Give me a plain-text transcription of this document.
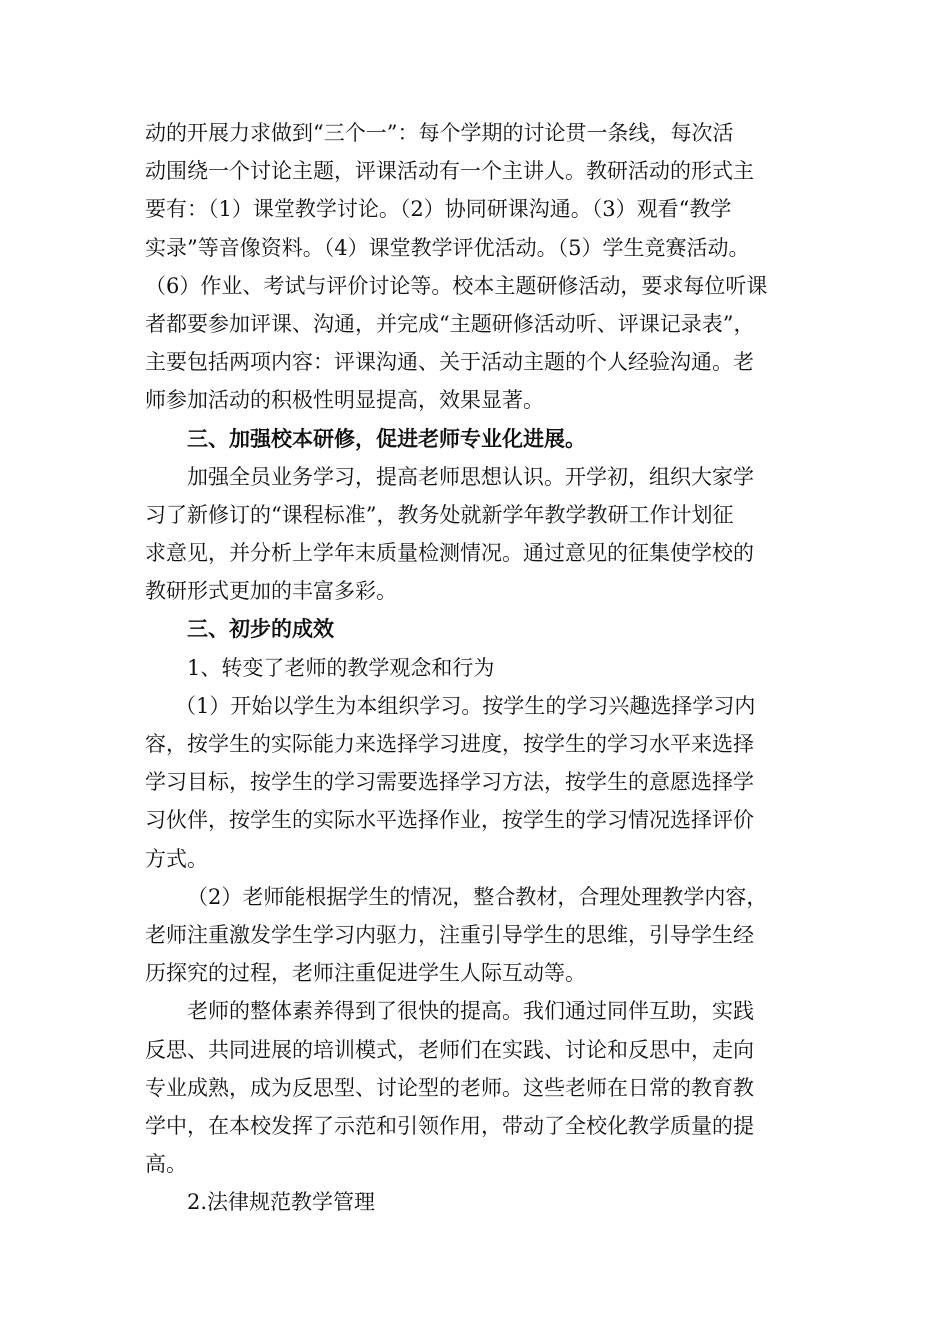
动的开展力求做到“三个一”：每个学期的讨论贯一条线，每次活
动围绕一个讨论主题，评课活动有一个主讲人。教研活动的形式主
要有：（1）课堂教学讨论。（2）协同研课沟通。（3）观看“教学
实录”等音像资料。（4）课堂教学评优活动。（5）学生竞赛活动。
（6）作业、考试与评价讨论等。校本主题研修活动，要求每位听课
者都要参加评课、沟通，并完成“主题研修活动听、评课记录表”，
主要包括两项内容：评课沟通、关于活动主题的个人经验沟通。老
师参加活动的积极性明显提高，效果显著。
三、加强校本研修，促进老师专业化进展。
加强全员业务学习，提高老师思想认识。开学初，组织大家学
习了新修订的“课程标准”，教务处就新学年教学教研工作计划征
求意见，并分析上学年末质量检测情况。通过意见的征集使学校的
教研形式更加的丰富多彩。
三、初步的成效
1、转变了老师的教学观念和行为
（1）开始以学生为本组织学习。按学生的学习兴趣选择学习内
容，按学生的实际能力来选择学习进度，按学生的学习水平来选择
学习目标，按学生的学习需要选择学习方法，按学生的意愿选择学
习伙伴，按学生的实际水平选择作业，按学生的学习情况选择评价
方式。
（2）老师能根据学生的情况，整合教材，合理处理教学内容，
老师注重激发学生学习内驱力，注重引导学生的思维，引导学生经
历探究的过程，老师注重促进学生人际互动等。
老师的整体素养得到了很快的提高。我们通过同伴互助，实践
反思、共同进展的培训模式，老师们在实践、讨论和反思中，走向
专业成熟，成为反思型、讨论型的老师。这些老师在日常的教育教
学中，在本校发挥了示范和引领作用，带动了全校化教学质量的提
高。
2.法律规范教学管理
